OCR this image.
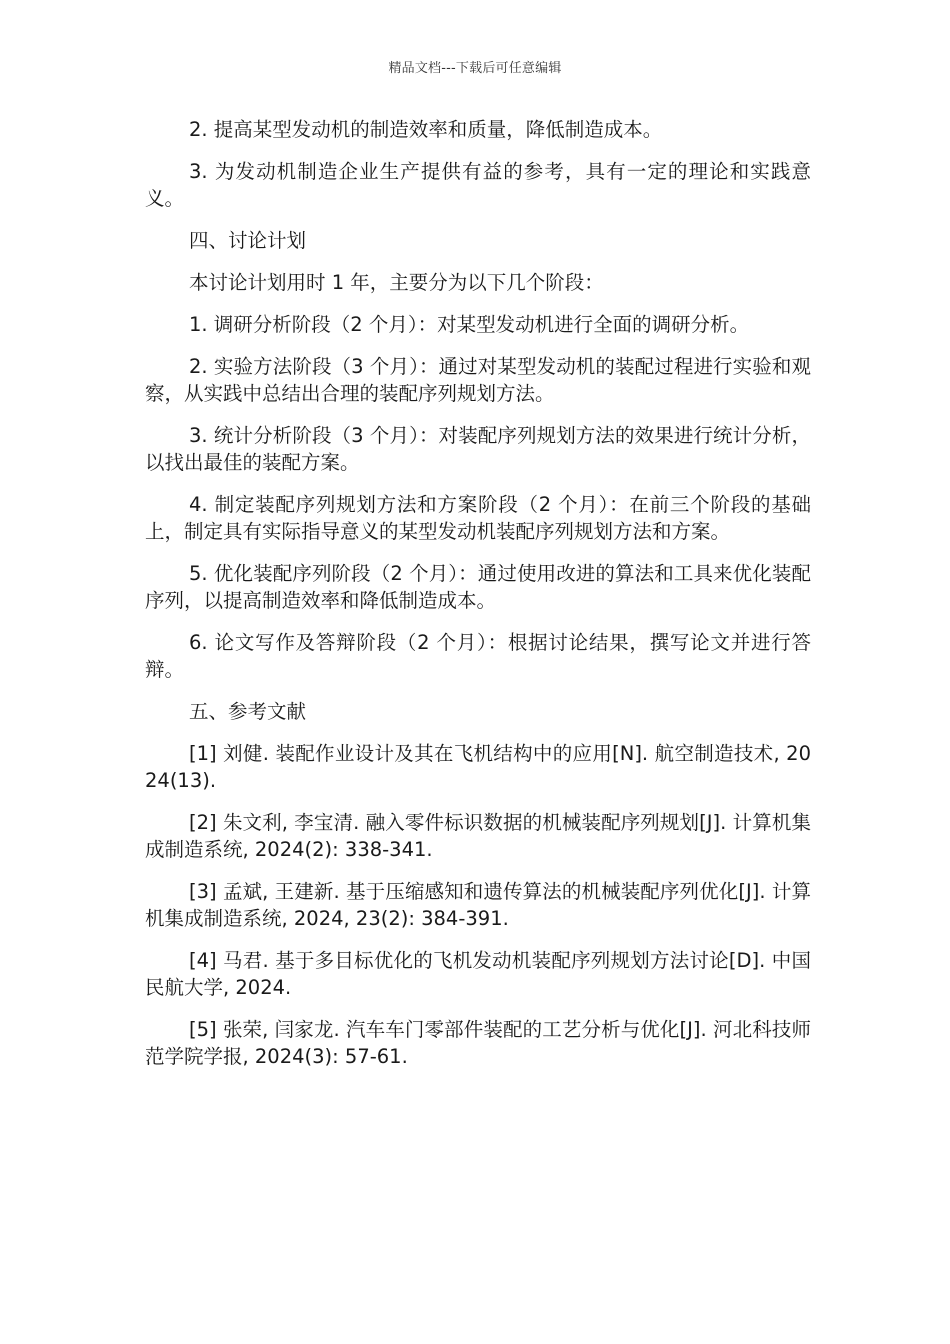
精品文档---下载后可任意编辑

2. 提高某型发动机的制造效率和质量，降低制造成本。

3. 为发动机制造企业生产提供有益的参考，具有一定的理论和实践意义。

四、讨论计划

本讨论计划用时 1 年，主要分为以下几个阶段：

1. 调研分析阶段（2 个月）：对某型发动机进行全面的调研分析。

2. 实验方法阶段（3 个月）：通过对某型发动机的装配过程进行实验和观察，从实践中总结出合理的装配序列规划方法。

3. 统计分析阶段（3 个月）：对装配序列规划方法的效果进行统计分析，以找出最佳的装配方案。

4. 制定装配序列规划方法和方案阶段（2 个月）：在前三个阶段的基础上，制定具有实际指导意义的某型发动机装配序列规划方法和方案。

5. 优化装配序列阶段（2 个月）：通过使用改进的算法和工具来优化装配序列，以提高制造效率和降低制造成本。

6. 论文写作及答辩阶段（2 个月）：根据讨论结果，撰写论文并进行答辩。

五、参考文献

[1] 刘健. 装配作业设计及其在飞机结构中的应用[N]. 航空制造技术, 2024(13).

[2] 朱文利, 李宝清. 融入零件标识数据的机械装配序列规划[J]. 计算机集成制造系统, 2024(2): 338-341.

[3] 孟斌, 王建新. 基于压缩感知和遗传算法的机械装配序列优化[J]. 计算机集成制造系统, 2024, 23(2): 384-391.

[4] 马君. 基于多目标优化的飞机发动机装配序列规划方法讨论[D]. 中国民航大学, 2024.

[5] 张荣, 闫家龙. 汽车车门零部件装配的工艺分析与优化[J]. 河北科技师范学院学报, 2024(3): 57-61.
